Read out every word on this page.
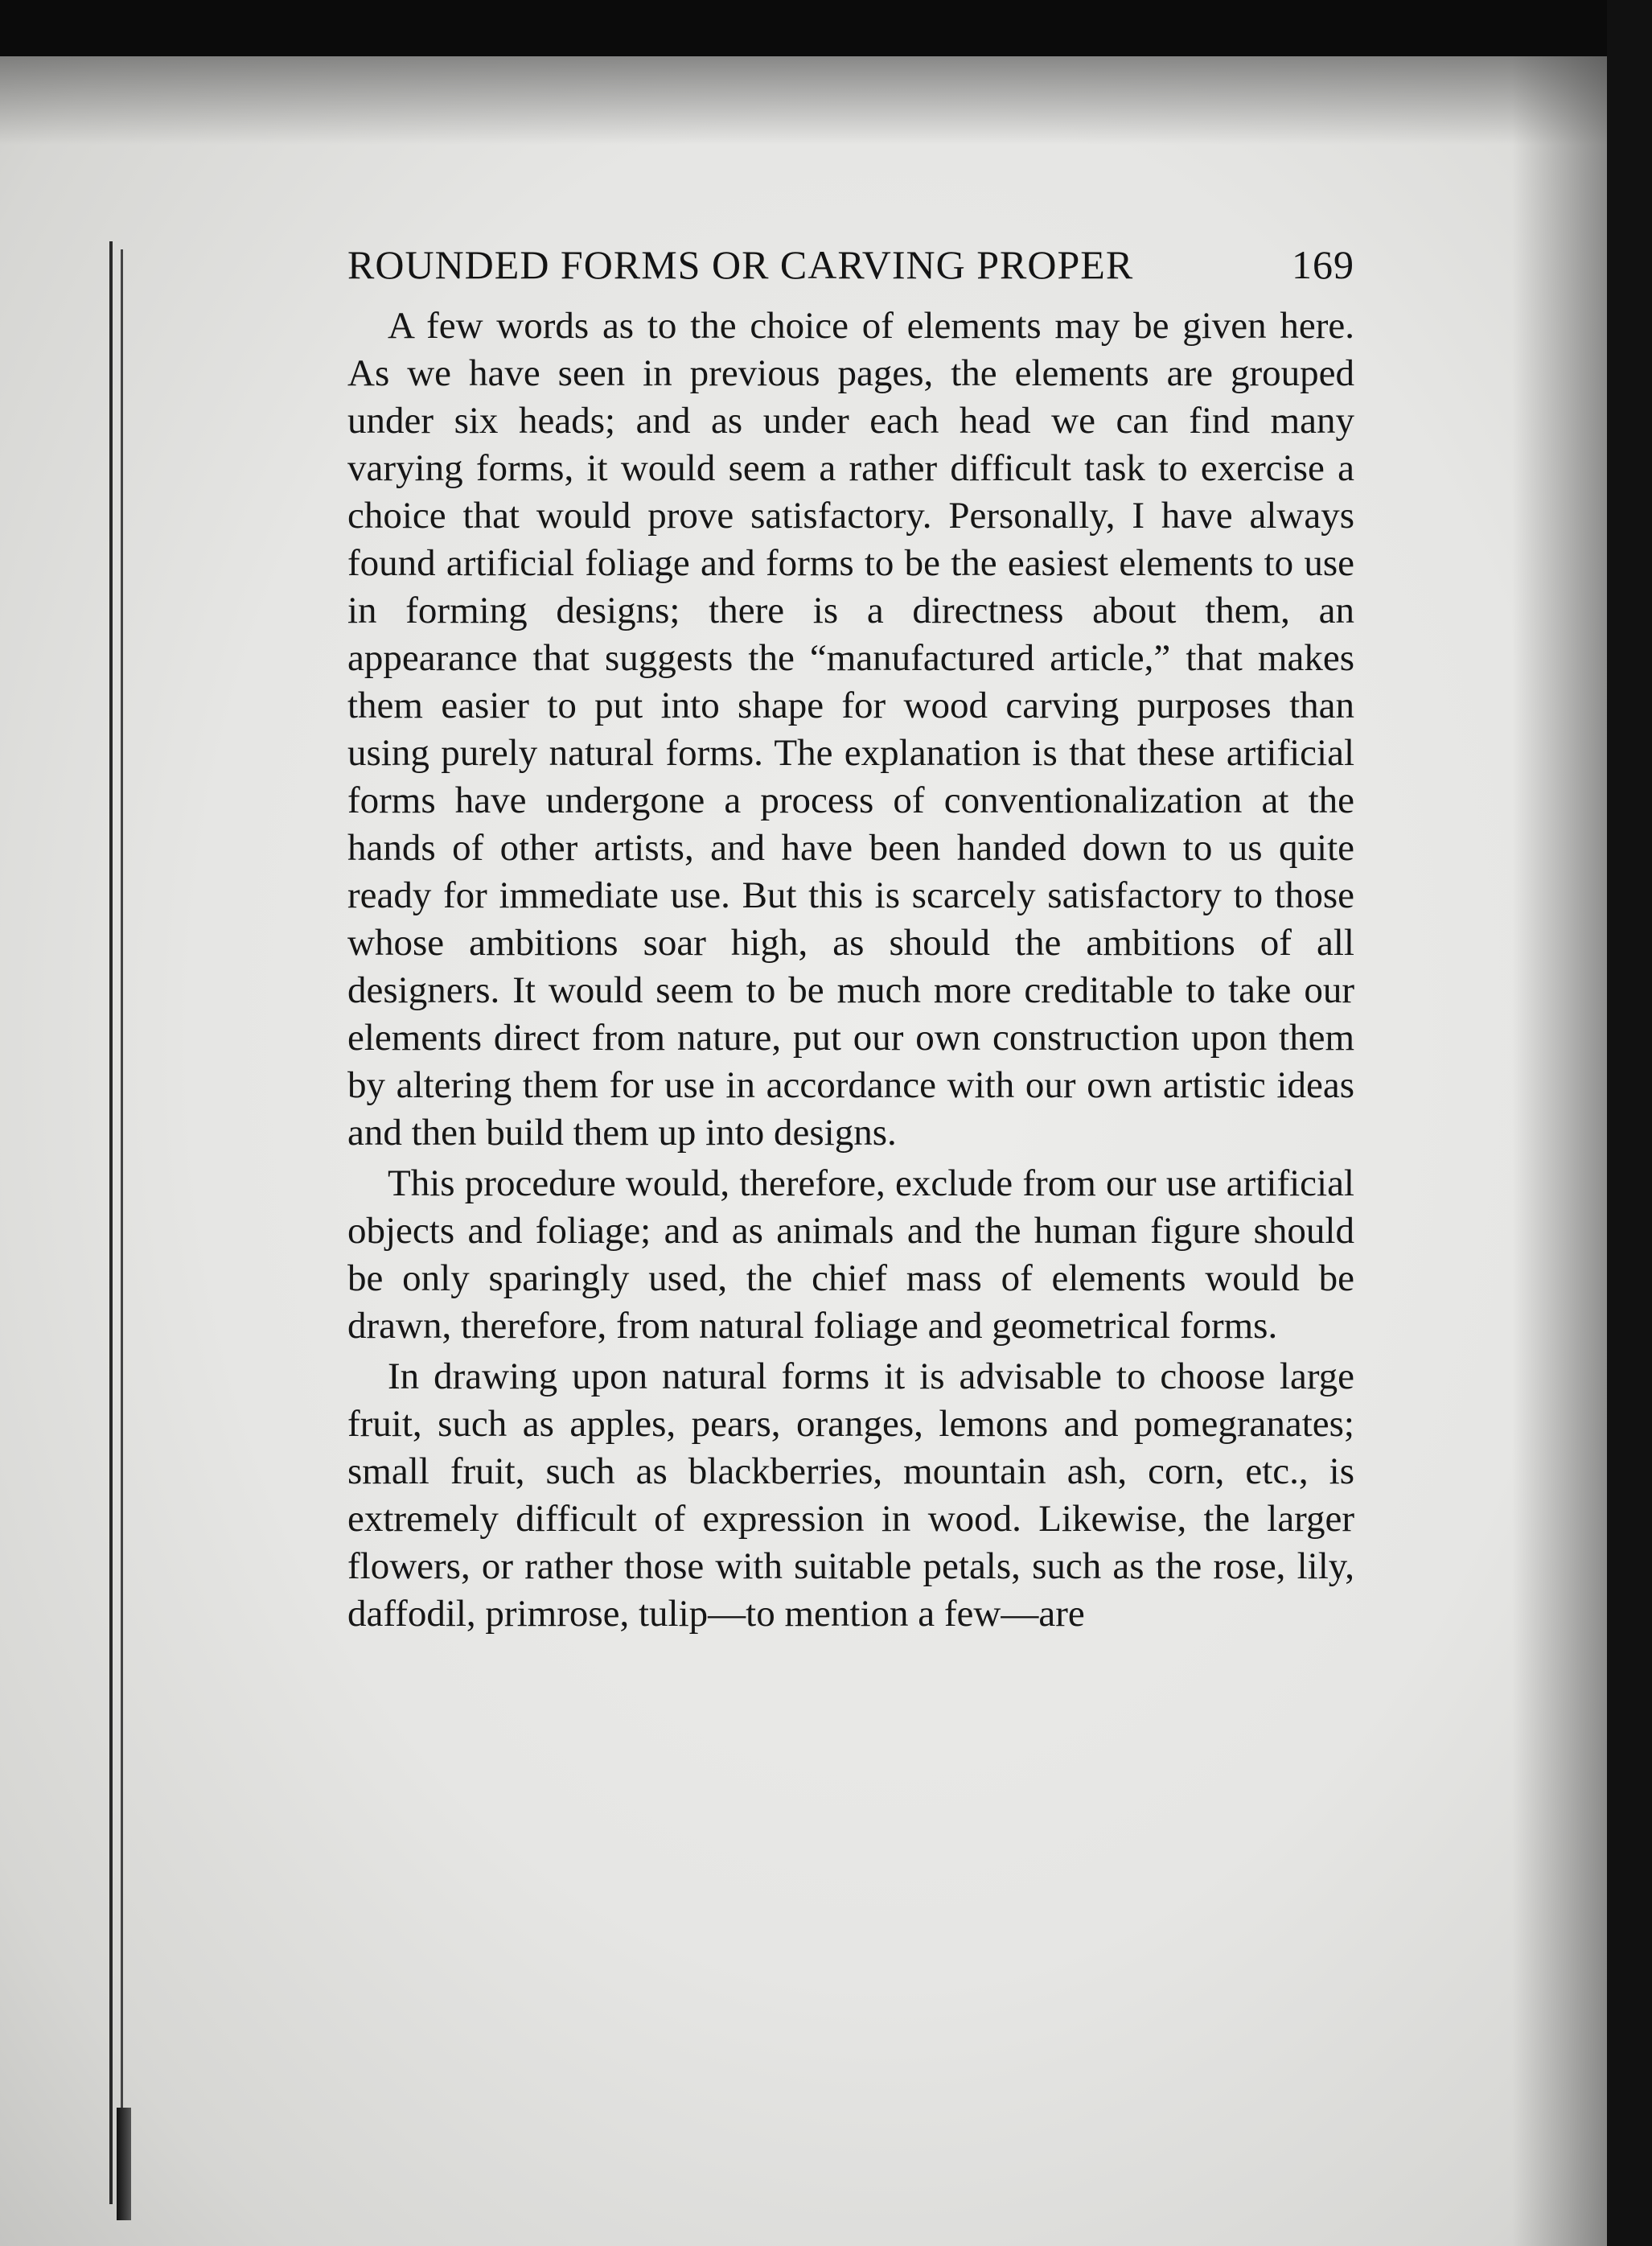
ROUNDED FORMS OR CARVING PROPER	169

A few words as to the choice of elements may be given here. As we have seen in previous pages, the elements are grouped under six heads; and as under each head we can find many varying forms, it would seem a rather difficult task to exercise a choice that would prove satisfactory. Personally, I have always found artificial foliage and forms to be the easiest elements to use in forming designs; there is a directness about them, an appearance that suggests the “manufactured article,” that makes them easier to put into shape for wood carving purposes than using purely natural forms. The explanation is that these artificial forms have undergone a process of conventionalization at the hands of other artists, and have been handed down to us quite ready for immediate use. But this is scarcely satisfactory to those whose ambitions soar high, as should the ambitions of all designers. It would seem to be much more creditable to take our elements direct from nature, put our own construction upon them by altering them for use in accordance with our own artistic ideas and then build them up into designs.

This procedure would, therefore, exclude from our use artificial objects and foliage; and as animals and the human figure should be only sparingly used, the chief mass of elements would be drawn, therefore, from natural foliage and geometrical forms.

In drawing upon natural forms it is advisable to choose large fruit, such as apples, pears, oranges, lemons and pomegranates; small fruit, such as blackberries, mountain ash, corn, etc., is extremely difficult of expression in wood. Likewise, the larger flowers, or rather those with suitable petals, such as the rose, lily, daffodil, primrose, tulip—to mention a few—are
